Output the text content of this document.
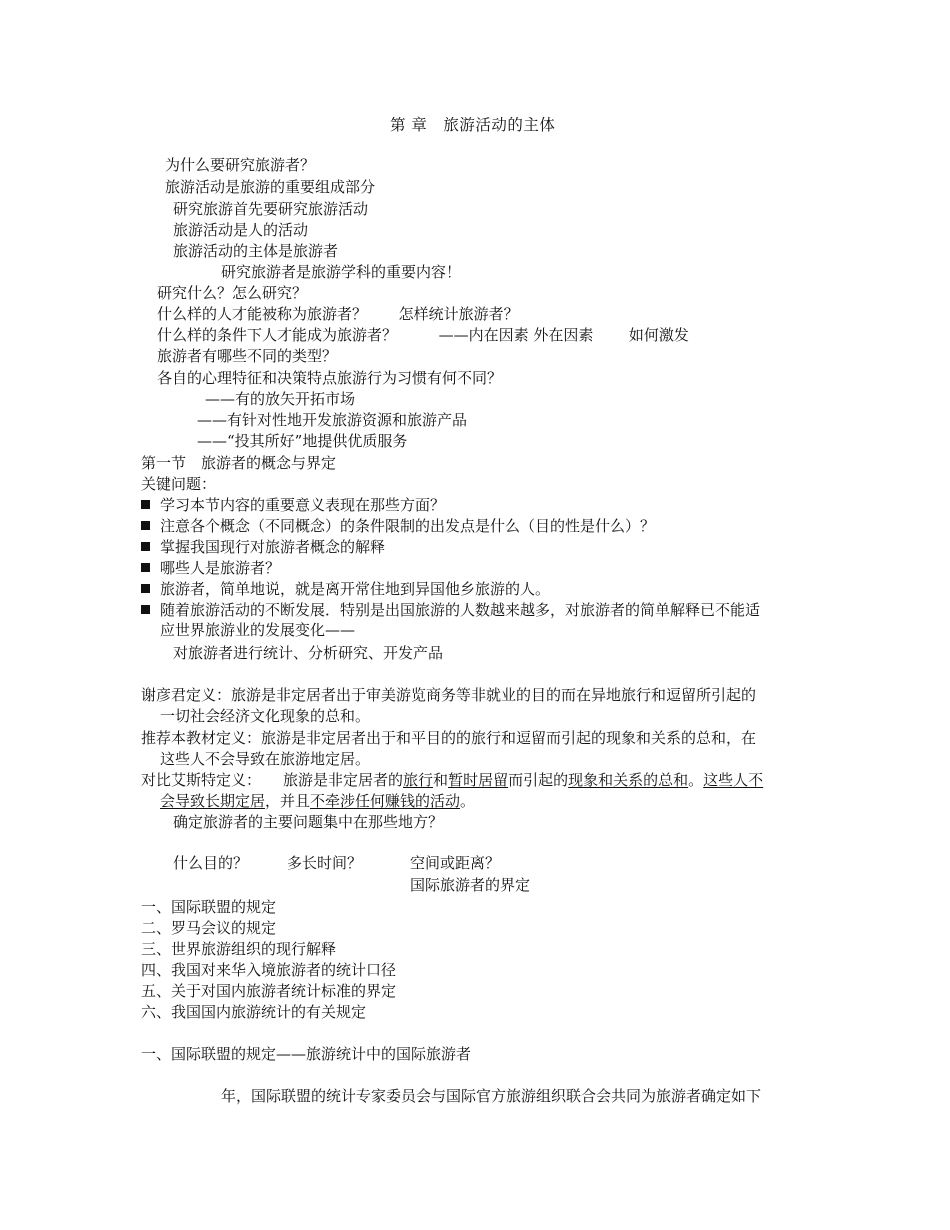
第 章　旅游活动的主体
为什么要研究旅游者？
旅游活动是旅游的重要组成部分
研究旅游首先要研究旅游活动
旅游活动是人的活动
旅游活动的主体是旅游者
研究旅游者是旅游学科的重要内容！
研究什么？怎么研究？
什么样的人才能被称为旅游者？ 怎样统计旅游者？
什么样的条件下人才能成为旅游者？	——内在因素 外在因素 如何激发
旅游者有哪些不同的类型？
各自的心理特征和决策特点旅游行为习惯有何不同？
——有的放矢开拓市场
——有针对性地开发旅游资源和旅游产品
——“投其所好”地提供优质服务
第一节　旅游者的概念与界定
关键问题：
学习本节内容的重要意义表现在那些方面？
注意各个概念（不同概念）的条件限制的出发点是什么（目的性是什么）？
掌握我国现行对旅游者概念的解释
哪些人是旅游者？
旅游者，简单地说，就是离开常住地到异国他乡旅游的人。
随着旅游活动的不断发展．特别是出国旅游的人数越来越多，对旅游者的简单解释已不能适
应世界旅游业的发展变化——
对旅游者进行统计、分析研究、开发产品
谢彦君定义：旅游是非定居者出于审美游览商务等非就业的目的而在异地旅行和逗留所引起的
一切社会经济文化现象的总和。
推荐本教材定义：旅游是非定居者出于和平目的的旅行和逗留而引起的现象和关系的总和，在
这些人不会导致在旅游地定居。
对比艾斯特定义： 旅游是非定居者的旅行和暂时居留而引起的现象和关系的总和。这些人不
会导致长期定居，并且不牵涉任何赚钱的活动。
确定旅游者的主要问题集中在那些地方？
什么目的？	多长时间？	空间或距离？
国际旅游者的界定
一、国际联盟的规定
二、罗马会议的规定
三、世界旅游组织的现行解释
四、我国对来华入境旅游者的统计口径
五、关于对国内旅游者统计标准的界定
六、我国国内旅游统计的有关规定
一、国际联盟的规定——旅游统计中的国际旅游者
年，国际联盟的统计专家委员会与国际官方旅游组织联合会共同为旅游者确定如下
